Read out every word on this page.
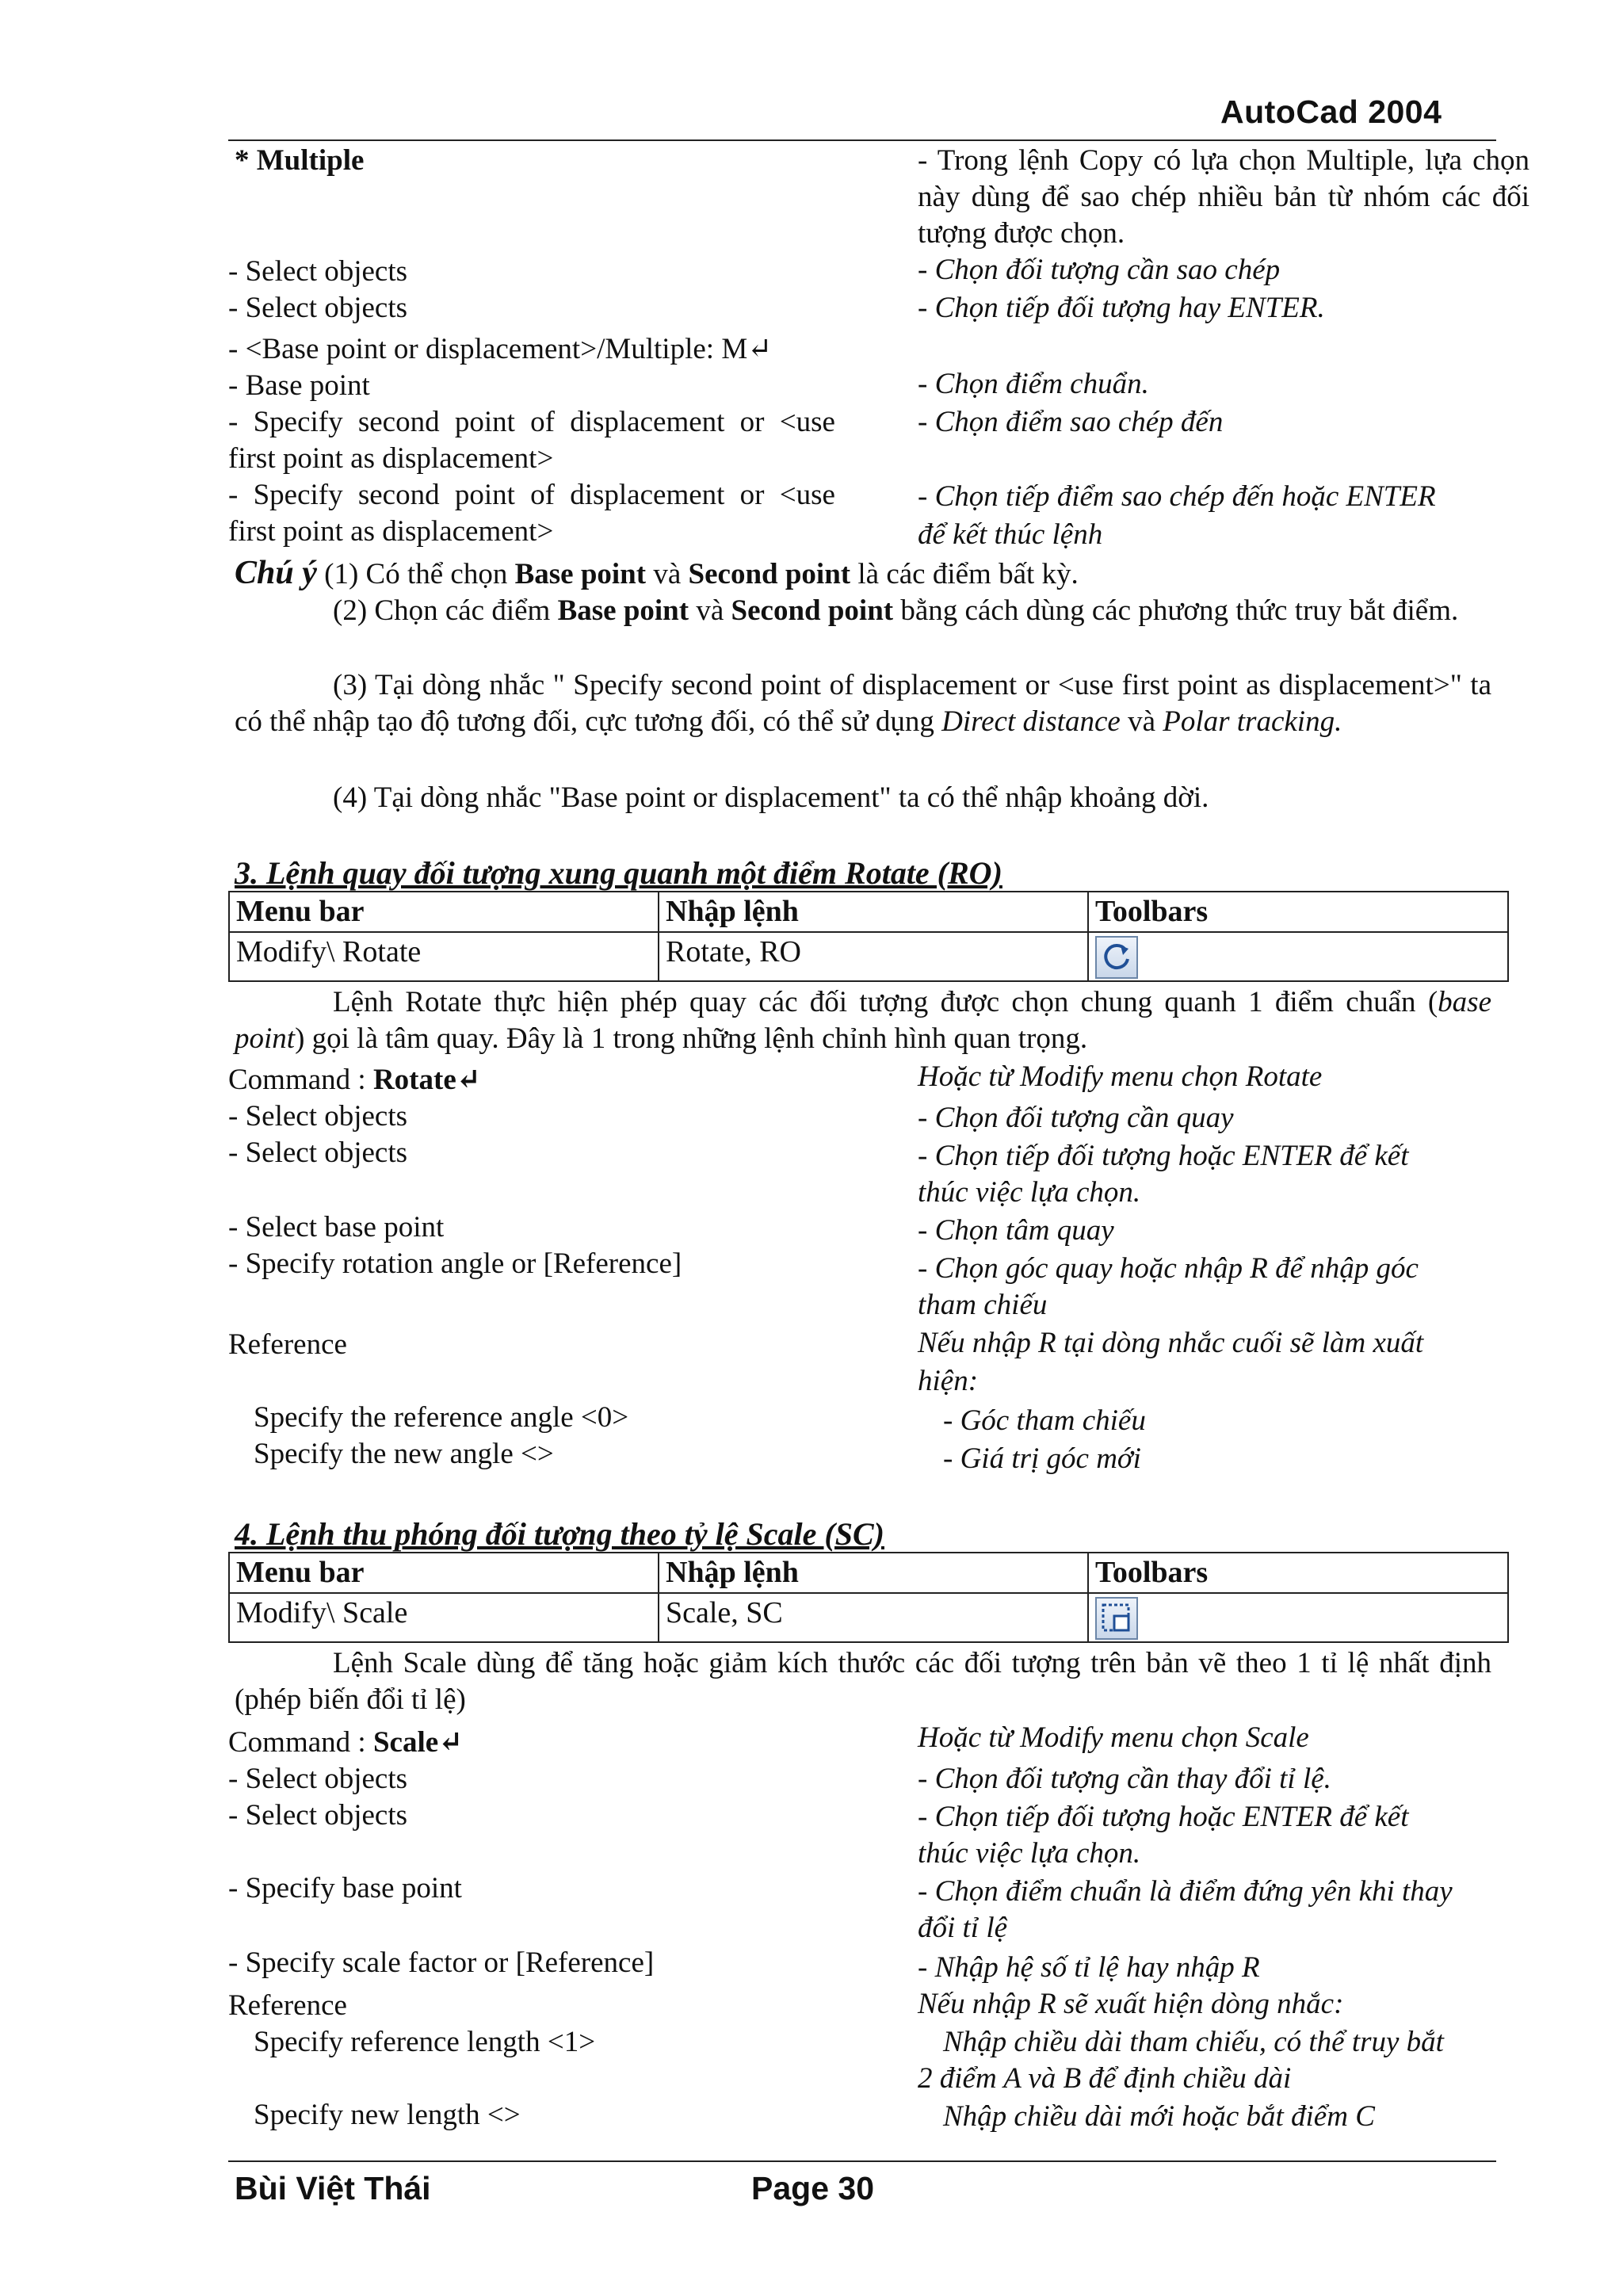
AutoCad 2004
* Multiple	- Trong lệnh Copy có lựa chọn Multiple, lựa chọn này dùng để sao chép nhiều bản từ nhóm các đối tượng được chọn.
- Select objects	- Chọn đối tượng cần sao chép
- Select objects	- Chọn tiếp đối tượng hay ENTER.
- <Base point or displacement>/Multiple: M↵
- Base point	- Chọn điểm chuẩn.
- Specify second point of displacement or <use	- Chọn điểm sao chép đến
first point as displacement>
- Specify second point of displacement or <use	- Chọn tiếp điểm sao chép đến hoặc ENTER
first point as displacement>	để kết thúc lệnh
Chú ý (1) Có thể chọn Base point và Second point là các điểm bất kỳ.
(2) Chọn các điểm Base point và Second point bằng cách dùng các phương thức truy bắt điểm.
(3) Tại dòng nhắc " Specify second point of displacement or <use first point as displacement>" ta có thể nhập tạo độ tương đối, cực tương đối, có thể sử dụng Direct distance và Polar tracking.
(4) Tại dòng nhắc "Base point or displacement" ta có thể nhập khoảng dời.
3. Lệnh quay đối tượng xung quanh một điểm Rotate (RO)
Menu bar	Nhập lệnh	Toolbars
Modify\ Rotate	Rotate, RO	
Lệnh Rotate thực hiện phép quay các đối tượng được chọn chung quanh 1 điểm chuẩn (base point) gọi là tâm quay. Đây là 1 trong những lệnh chỉnh hình quan trọng.
Command : Rotate↵	Hoặc từ Modify menu chọn Rotate
- Select objects	- Chọn đối tượng cần quay
- Select objects	- Chọn tiếp đối tượng hoặc ENTER để kết
thúc việc lựa chọn.
- Select base point	- Chọn tâm quay
- Specify rotation angle or [Reference]	- Chọn góc quay hoặc nhập R để nhập góc
tham chiếu
Reference	Nếu nhập R tại dòng nhắc cuối sẽ làm xuất
hiện:
Specify the reference angle <0>	- Góc tham chiếu
Specify the new angle <>	- Giá trị góc mới
4. Lệnh thu phóng đối tượng theo tỷ lệ Scale (SC)
Menu bar	Nhập lệnh	Toolbars
Modify\ Scale	Scale, SC	
Lệnh Scale dùng để tăng hoặc giảm kích thước các đối tượng trên bản vẽ theo 1 tỉ lệ nhất định (phép biến đổi tỉ lệ)
Command : Scale↵	Hoặc từ Modify menu chọn Scale
- Select objects	- Chọn đối tượng cần thay đổi tỉ lệ.
- Select objects	- Chọn tiếp đối tượng hoặc ENTER để kết
thúc việc lựa chọn.
- Specify base point	- Chọn điểm chuẩn là điểm đứng yên khi thay
đổi tỉ lệ
- Specify scale factor or [Reference]	- Nhập hệ số tỉ lệ hay nhập R
Reference	Nếu nhập R sẽ xuất hiện dòng nhắc:
Specify reference length <1>	Nhập chiều dài tham chiếu, có thể truy bắt
2 điểm A và B để định chiều dài
Specify new length <>	Nhập chiều dài mới hoặc bắt điểm C
Bùi Việt Thái	Page 30
